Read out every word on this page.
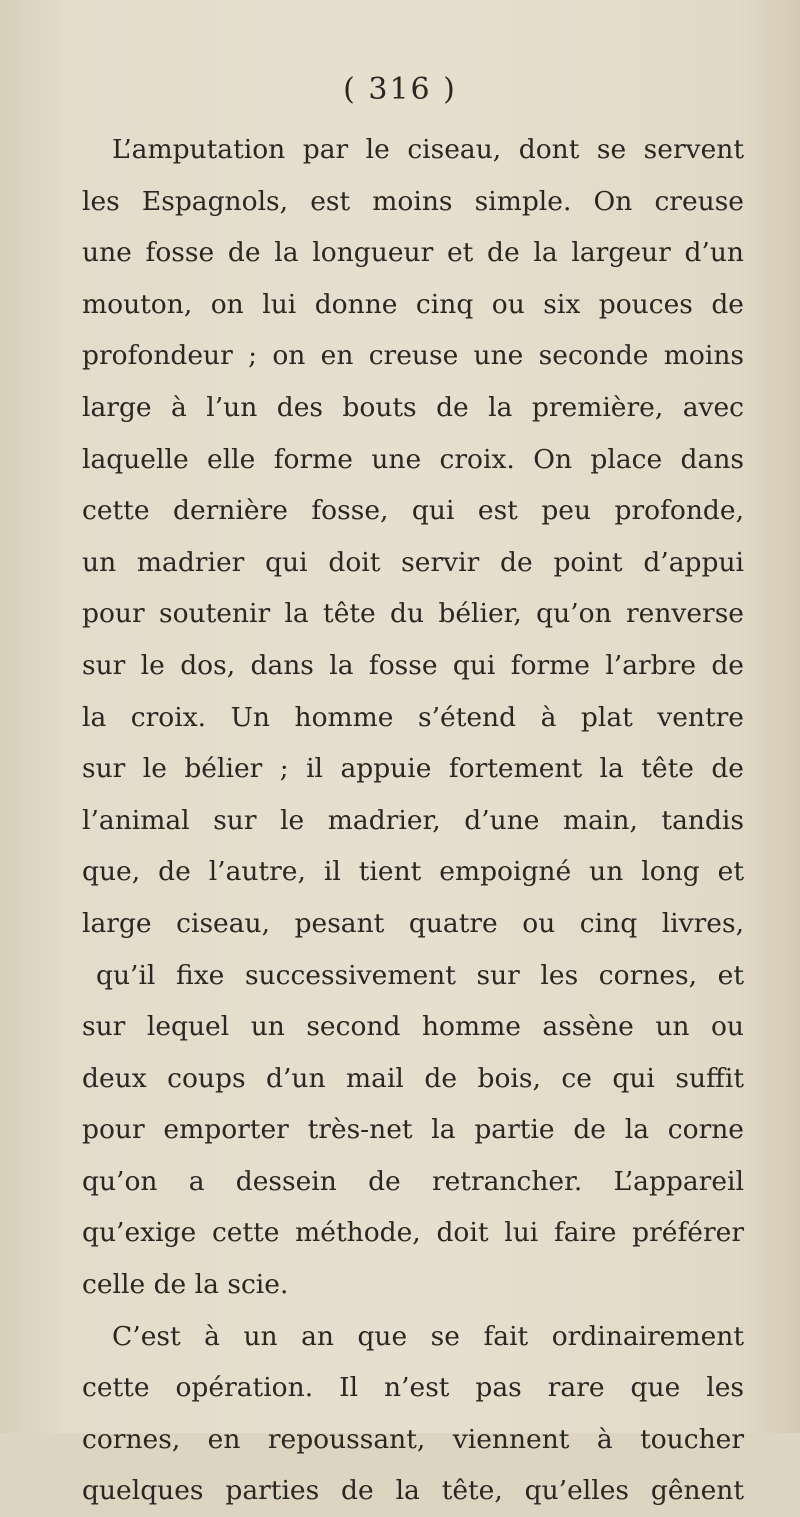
( 316 )
L’amputation par le ciseau, dont se servent
les Espagnols, est moins simple. On creuse
une fosse de la longueur et de la largeur d’un
mouton, on lui donne cinq ou six pouces de
profondeur ; on en creuse une seconde moins
large à l’un des bouts de la première, avec
laquelle elle forme une croix. On place dans
cette dernière fosse, qui est peu profonde,
un madrier qui doit servir de point d’appui
pour soutenir la tête du bélier, qu’on renverse
sur le dos, dans la fosse qui forme l’arbre de
la croix. Un homme s’étend à plat ventre
sur le bélier ; il appuie fortement la tête de
l’animal sur le madrier, d’une main, tandis
que, de l’autre, il tient empoigné un long et
large ciseau, pesant quatre ou cinq livres,
qu’il fixe successivement sur les cornes, et
sur lequel un second homme assène un ou
deux coups d’un mail de bois, ce qui suffit
pour emporter très-net la partie de la corne
qu’on a dessein de retrancher. L’appareil
qu’exige cette méthode, doit lui faire préférer
celle de la scie.
C’est à un an que se fait ordinairement
cette opération. Il n’est pas rare que les
cornes, en repoussant, viennent à toucher
quelques parties de la tête, qu’elles gênent
